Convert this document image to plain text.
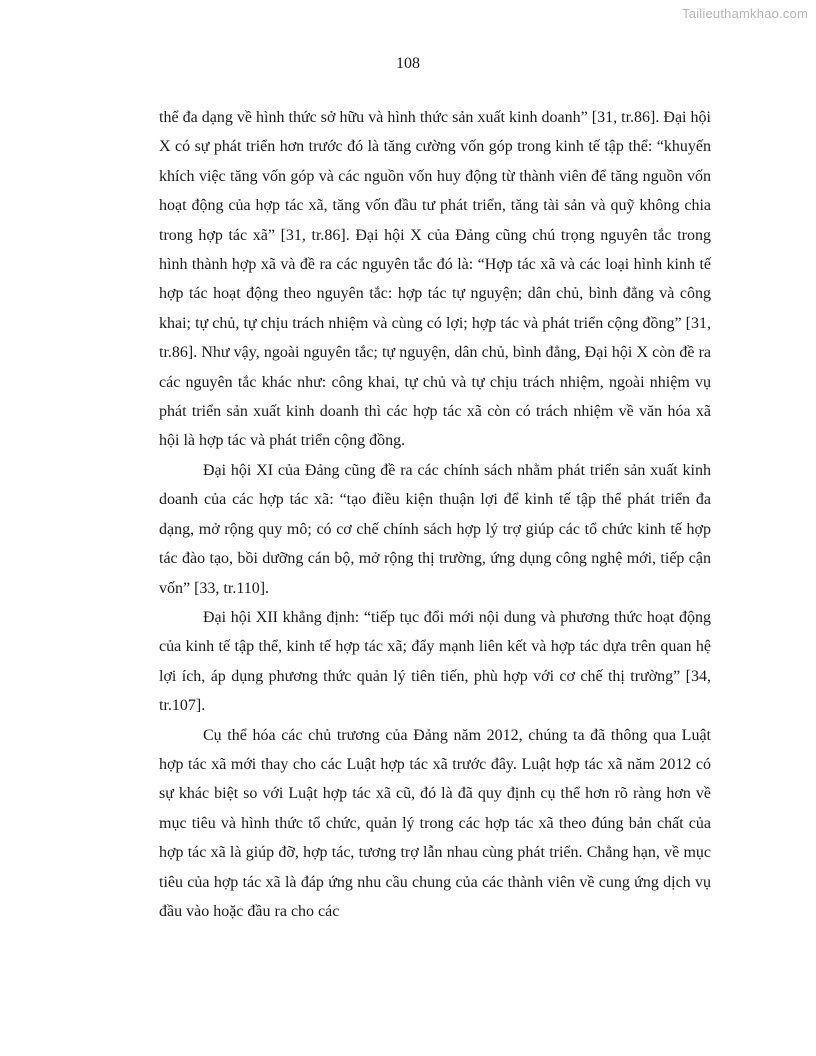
Tailieuthamkhao.com
108

thể đa dạng về hình thức sở hữu và hình thức sản xuất kinh doanh” [31, tr.86]. Đại hội X có sự phát triển hơn trước đó là tăng cường vốn góp trong kinh tế tập thể: “khuyến khích việc tăng vốn góp và các nguồn vốn huy động từ thành viên để tăng nguồn vốn hoạt động của hợp tác xã, tăng vốn đầu tư phát triển, tăng tài sản và quỹ không chia trong hợp tác xã” [31, tr.86]. Đại hội X của Đảng cũng chú trọng nguyên tắc trong hình thành hợp xã và đề ra các nguyên tắc đó là: “Hợp tác xã và các loại hình kinh tế hợp tác hoạt động theo nguyên tắc: hợp tác tự nguyện; dân chủ, bình đẳng và công khai; tự chủ, tự chịu trách nhiệm và cùng có lợi; hợp tác và phát triển cộng đồng” [31, tr.86]. Như vậy, ngoài nguyên tắc; tự nguyện, dân chủ, bình đẳng, Đại hội X còn đề ra các nguyên tắc khác như: công khai, tự chủ và tự chịu trách nhiệm, ngoài nhiệm vụ phát triển sản xuất kinh doanh thì các hợp tác xã còn có trách nhiệm về văn hóa xã hội là hợp tác và phát triển cộng đồng.

Đại hội XI của Đảng cũng đề ra các chính sách nhằm phát triển sản xuất kinh doanh của các hợp tác xã: “tạo điều kiện thuận lợi để kinh tế tập thể phát triển đa dạng, mở rộng quy mô; có cơ chế chính sách hợp lý trợ giúp các tổ chức kinh tế hợp tác đào tạo, bồi dưỡng cán bộ, mở rộng thị trường, ứng dụng công nghệ mới, tiếp cận vốn” [33, tr.110].

Đại hội XII khẳng định: “tiếp tục đổi mới nội dung và phương thức hoạt động của kinh tế tập thể, kinh tế hợp tác xã; đẩy mạnh liên kết và hợp tác dựa trên quan hệ lợi ích, áp dụng phương thức quản lý tiên tiến, phù hợp với cơ chế thị trường” [34, tr.107].

Cụ thể hóa các chủ trương của Đảng năm 2012, chúng ta đã thông qua Luật hợp tác xã mới thay cho các Luật hợp tác xã trước đây. Luật hợp tác xã năm 2012 có sự khác biệt so với Luật hợp tác xã cũ, đó là đã quy định cụ thể hơn rõ ràng hơn về mục tiêu và hình thức tổ chức, quản lý trong các hợp tác xã theo đúng bản chất của hợp tác xã là giúp đỡ, hợp tác, tương trợ lẫn nhau cùng phát triển. Chẳng hạn, về mục tiêu của hợp tác xã là đáp ứng nhu cầu chung của các thành viên về cung ứng dịch vụ đầu vào hoặc đầu ra cho các
